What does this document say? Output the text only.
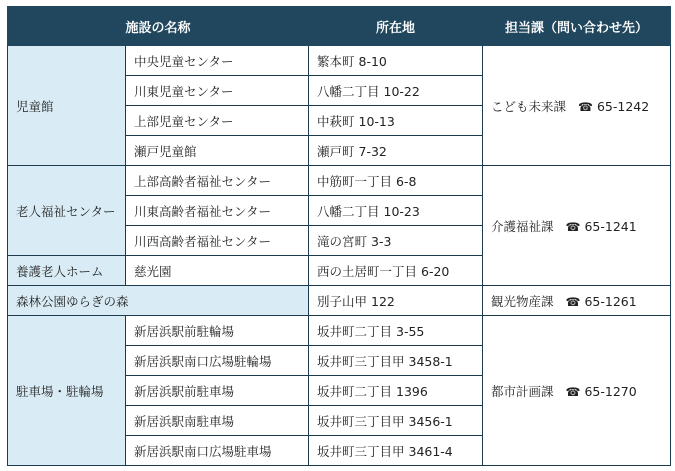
施設の名称		所在地	担当課（問い合わせ先）
児童館	中央児童センター	繁本町 8-10	こども未来課 ☎ 65-1242
	川東児童センター	八幡二丁目 10-22	
	上部児童センター	中萩町 10-13	
	瀬戸児童館	瀬戸町 7-32	
老人福祉センター	上部高齢者福祉センター	中筋町一丁目 6-8	介護福祉課 ☎ 65-1241
	川東高齢者福祉センター	八幡二丁目 10-23	
	川西高齢者福祉センター	滝の宮町 3-3	
養護老人ホーム	慈光園	西の土居町一丁目 6-20	
森林公園ゆらぎの森		別子山甲 122	観光物産課 ☎ 65-1261
駐車場・駐輪場	新居浜駅前駐輪場	坂井町二丁目 3-55	都市計画課 ☎ 65-1270
	新居浜駅南口広場駐輪場	坂井町三丁目甲 3458-1	
	新居浜駅前駐車場	坂井町二丁目 1396	
	新居浜駅南駐車場	坂井町三丁目甲 3456-1	
	新居浜駅南口広場駐車場	坂井町三丁目甲 3461-4	
